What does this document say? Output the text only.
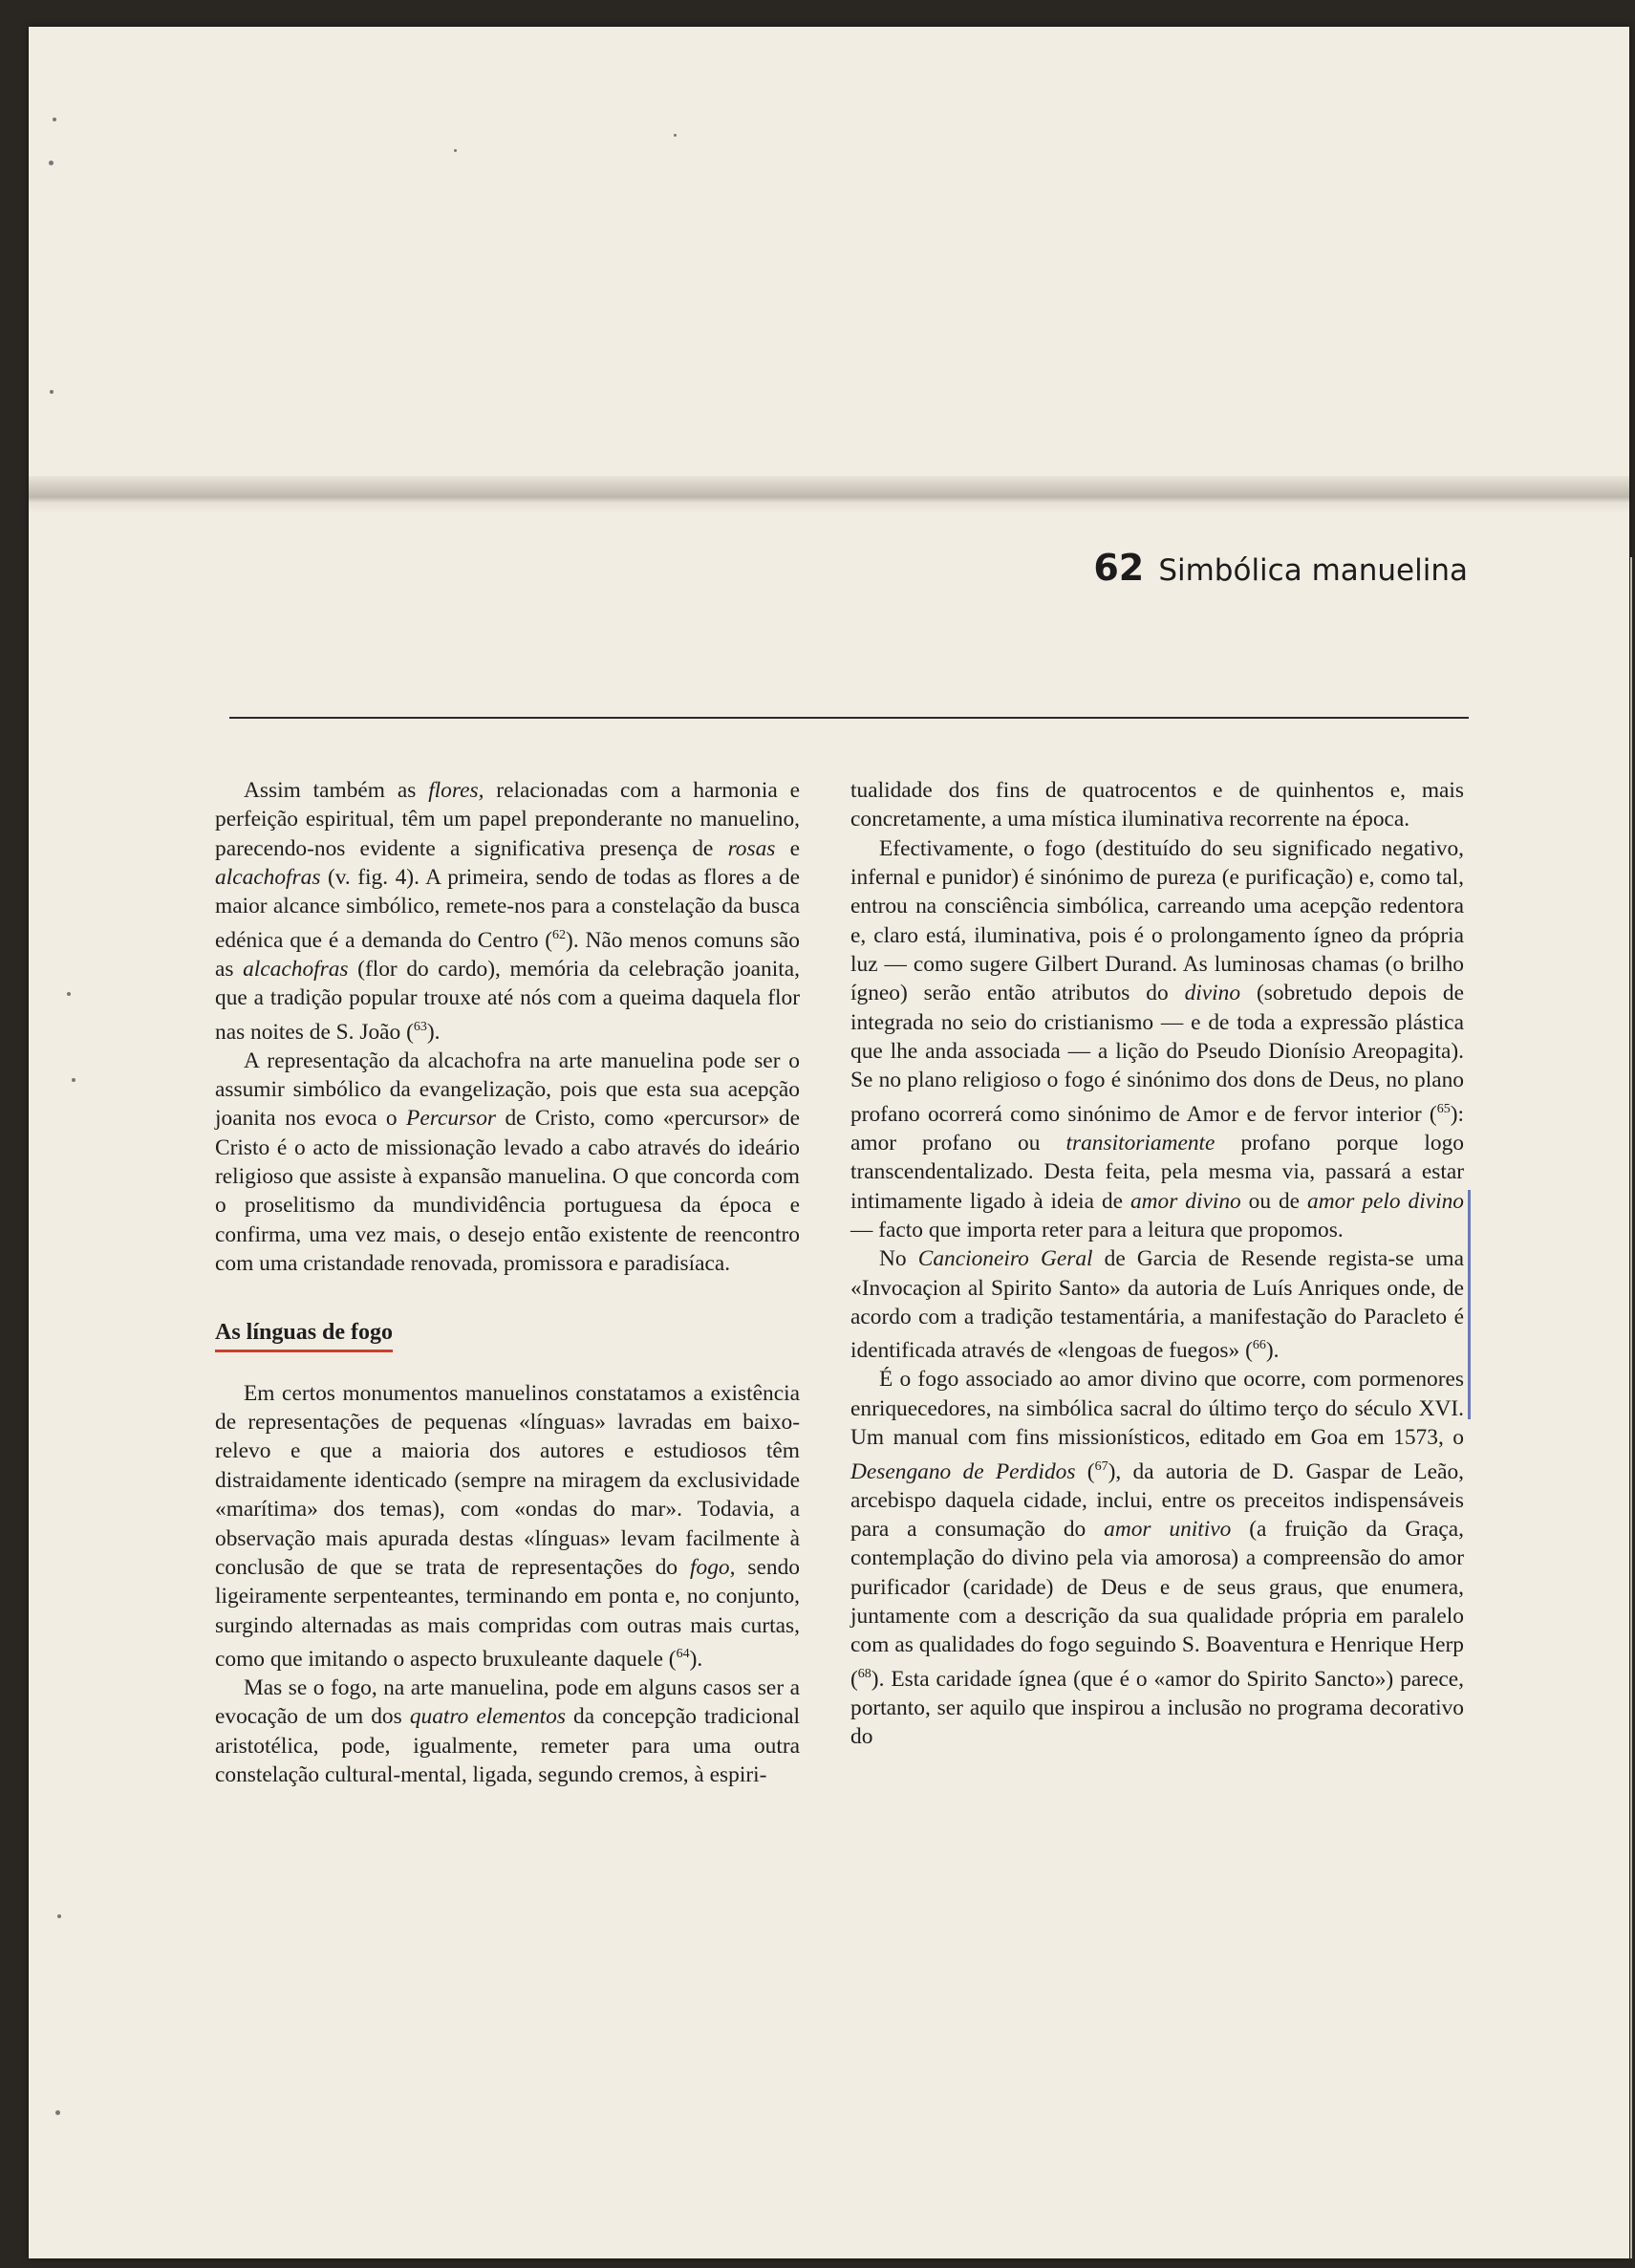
62 Simbólica manuelina

Assim também as flores, relacionadas com a harmonia e perfeição espiritual, têm um papel preponderante no manuelino, parecendo-nos evidente a significativa presença de rosas e alcachofras (v. fig. 4). A primeira, sendo de todas as flores a de maior alcance simbólico, remete-nos para a constelação da busca edénica que é a demanda do Centro ($^{62}$). Não menos comuns são as alcachofras (flor do cardo), memória da celebração joanita, que a tradição popular trouxe até nós com a queima daquela flor nas noites de S. João ($^{63}$).

A representação da alcachofra na arte manuelina pode ser o assumir simbólico da evangelização, pois que esta sua acepção joanita nos evoca o Percursor de Cristo, como «percursor» de Cristo é o acto de missionação levado a cabo através do ideário religioso que assiste à expansão manuelina. O que concorda com o proselitismo da mundividência portuguesa da época e confirma, uma vez mais, o desejo então existente de reencontro com uma cristandade renovada, promissora e paradisíaca.

As línguas de fogo

Em certos monumentos manuelinos constatamos a existência de representações de pequenas «línguas» lavradas em baixo-relevo e que a maioria dos autores e estudiosos têm distraidamente identicado (sempre na miragem da exclusividade «marítima» dos temas), com «ondas do mar». Todavia, a observação mais apurada destas «línguas» levam facilmente à conclusão de que se trata de representações do fogo, sendo ligeiramente serpenteantes, terminando em ponta e, no conjunto, surgindo alternadas as mais compridas com outras mais curtas, como que imitando o aspecto bruxuleante daquele ($^{64}$).

Mas se o fogo, na arte manuelina, pode em alguns casos ser a evocação de um dos quatro elementos da concepção tradicional aristotélica, pode, igualmente, remeter para uma outra constelação cultural-mental, ligada, segundo cremos, à espiri-

tualidade dos fins de quatrocentos e de quinhentos e, mais concretamente, a uma mística iluminativa recorrente na época.

Efectivamente, o fogo (destituído do seu significado negativo, infernal e punidor) é sinónimo de pureza (e purificação) e, como tal, entrou na consciência simbólica, carreando uma acepção redentora e, claro está, iluminativa, pois é o prolongamento ígneo da própria luz — como sugere Gilbert Durand. As luminosas chamas (o brilho ígneo) serão então atributos do divino (sobretudo depois de integrada no seio do cristianismo — e de toda a expressão plástica que lhe anda associada — a lição do Pseudo Dionísio Areopagita). Se no plano religioso o fogo é sinónimo dos dons de Deus, no plano profano ocorrerá como sinónimo de Amor e de fervor interior ($^{65}$): amor profano ou transitoriamente profano porque logo transcendentalizado. Desta feita, pela mesma via, passará a estar intimamente ligado à ideia de amor divino ou de amor pelo divino — facto que importa reter para a leitura que propomos.

No Cancioneiro Geral de Garcia de Resende regista-se uma «Invocaçion al Spirito Santo» da autoria de Luís Anriques onde, de acordo com a tradição testamentária, a manifestação do Paracleto é identificada através de «lengoas de fuegos» ($^{66}$).

É o fogo associado ao amor divino que ocorre, com pormenores enriquecedores, na simbólica sacral do último terço do século XVI. Um manual com fins missionísticos, editado em Goa em 1573, o Desengano de Perdidos ($^{67}$), da autoria de D. Gaspar de Leão, arcebispo daquela cidade, inclui, entre os preceitos indispensáveis para a consumação do amor unitivo (a fruição da Graça, contemplação do divino pela via amorosa) a compreensão do amor purificador (caridade) de Deus e de seus graus, que enumera, juntamente com a descrição da sua qualidade própria em paralelo com as qualidades do fogo seguindo S. Boaventura e Henrique Herp ($^{68}$). Esta caridade ígnea (que é o «amor do Spirito Sancto») parece, portanto, ser aquilo que inspirou a inclusão no programa decorativo do
